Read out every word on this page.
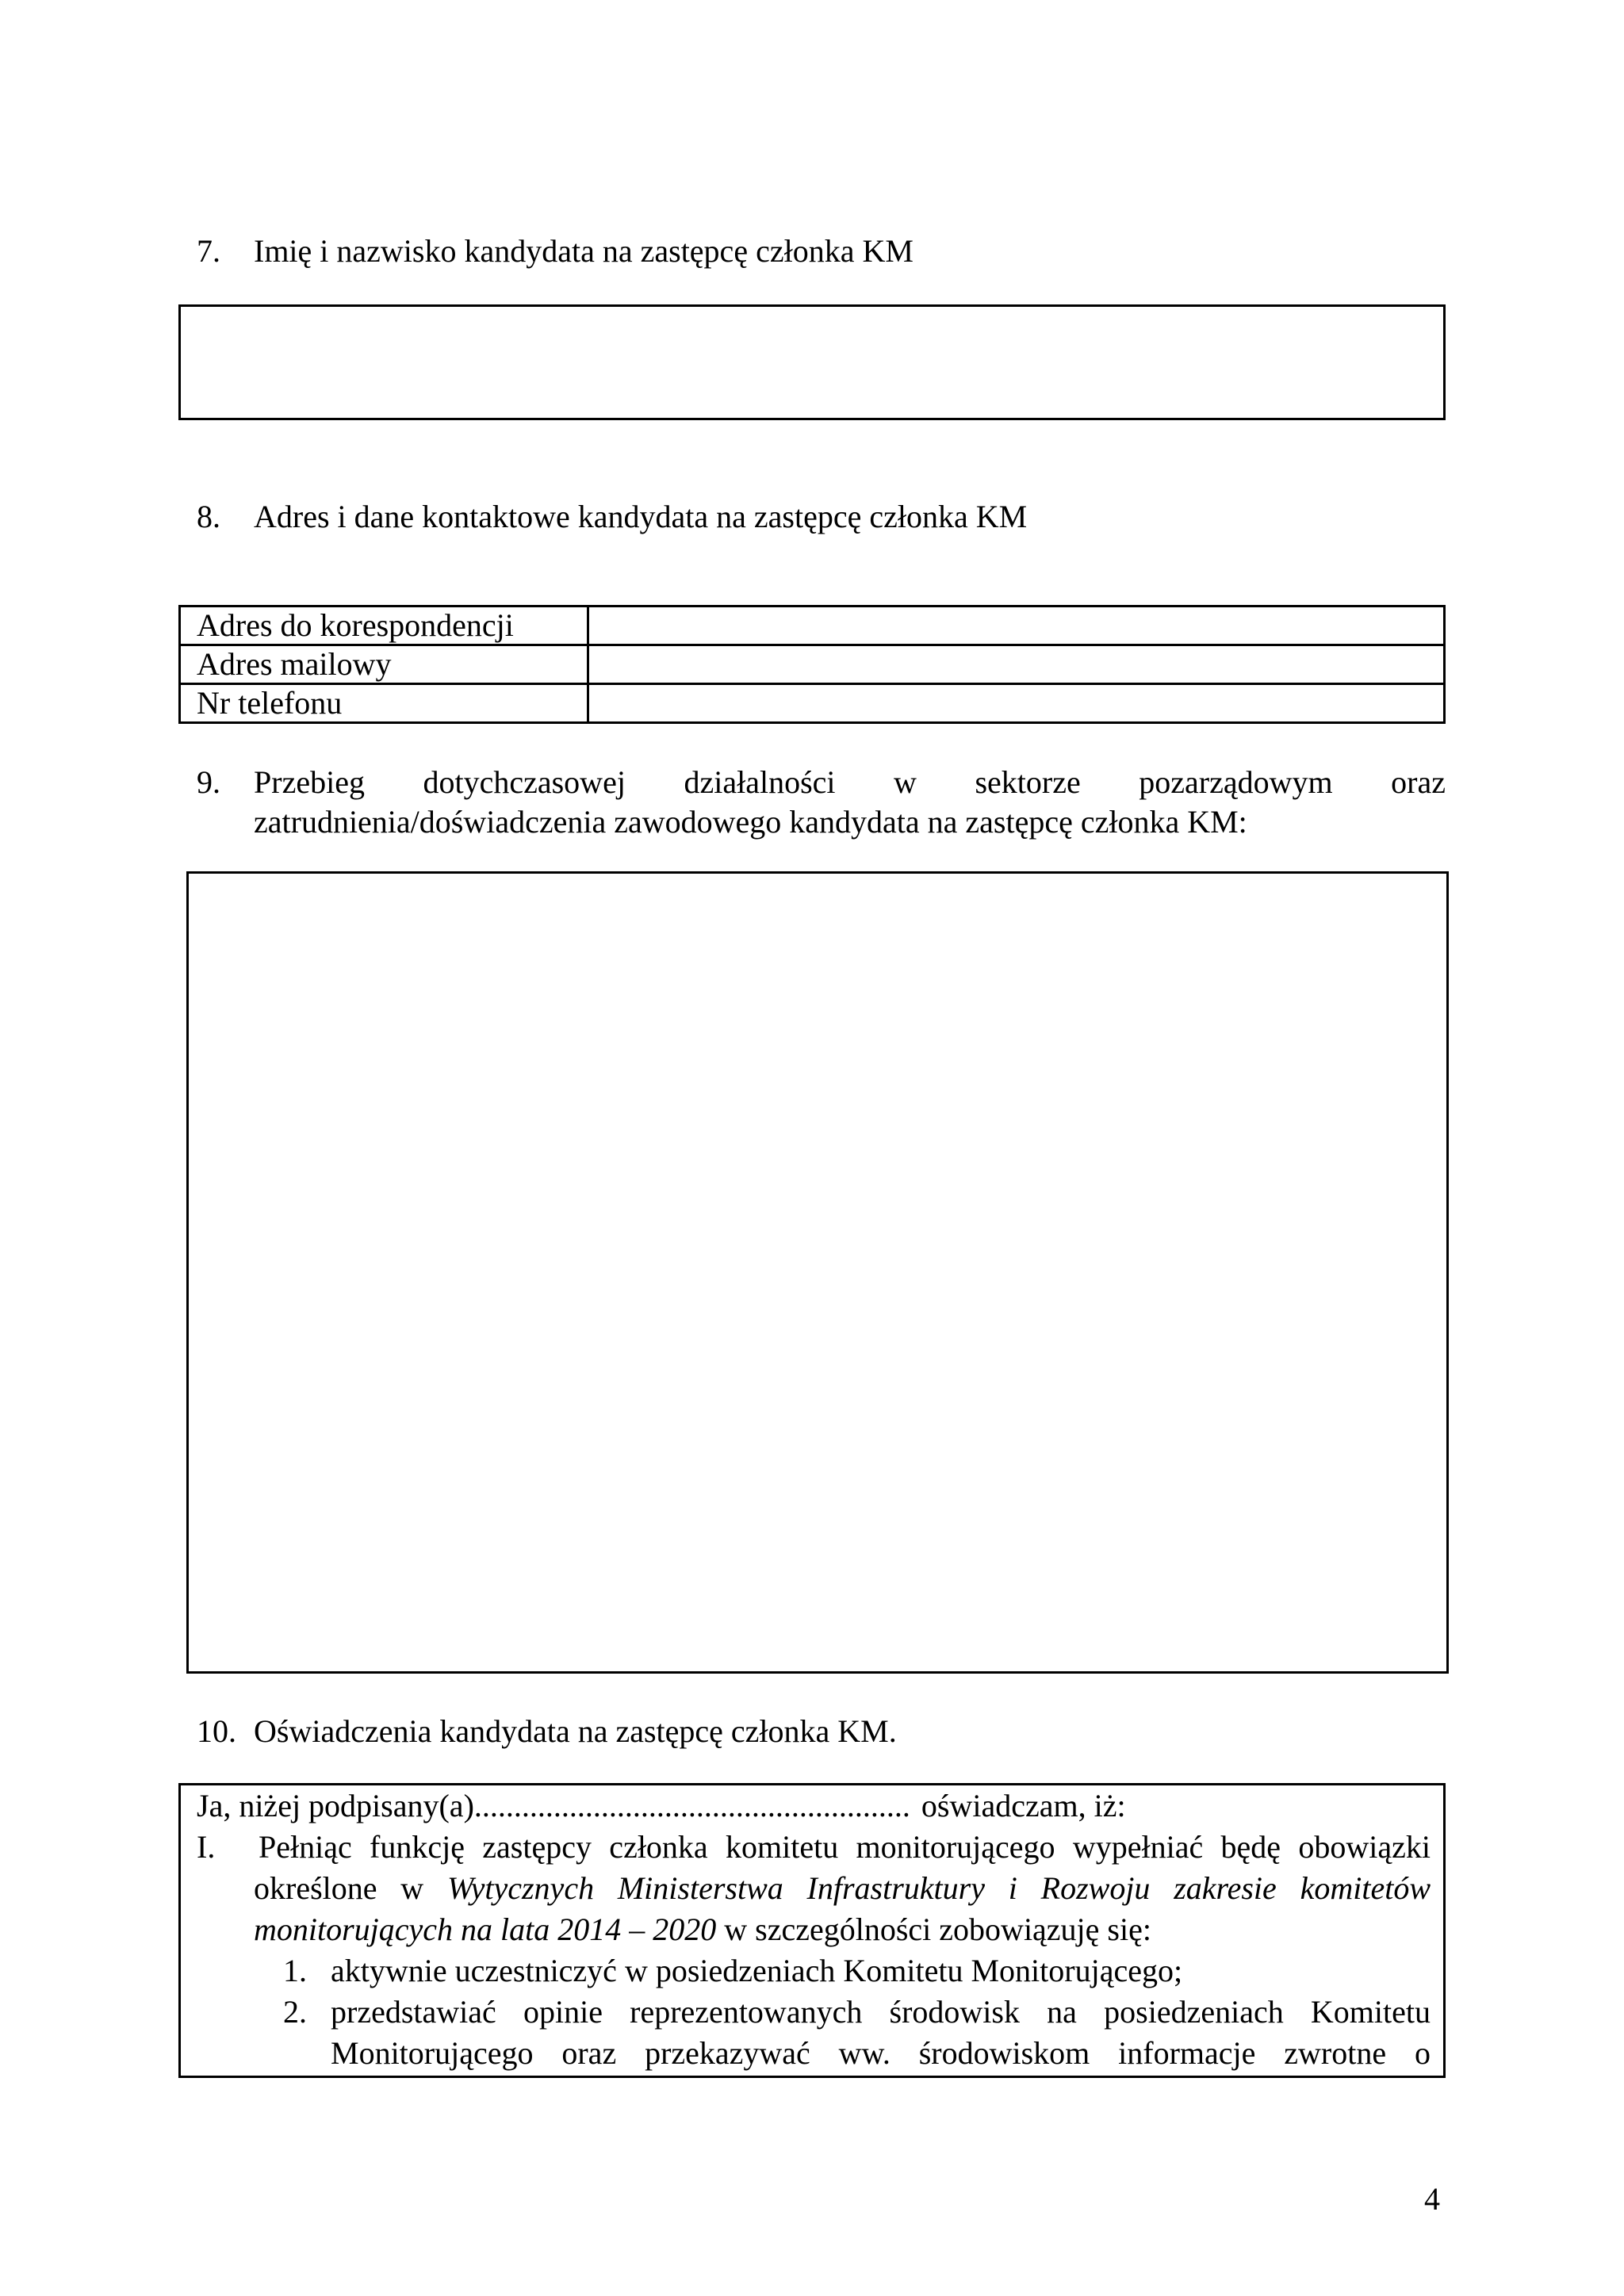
7. Imię i nazwisko kandydata na zastępcę członka KM
8. Adres i dane kontaktowe kandydata na zastępcę członka KM
Adres do korespondencji
Adres mailowy
Nr telefonu
9. Przebieg dotychczasowej działalności w sektorze pozarządowym oraz
zatrudnienia/doświadczenia zawodowego kandydata na zastępcę członka KM:
10. Oświadczenia kandydata na zastępcę członka KM.
Ja, niżej podpisany(a)....................................................... oświadczam, iż:
I.	Pełniąc funkcję zastępcy członka komitetu monitorującego wypełniać będę obowiązki
określone w Wytycznych Ministerstwa Infrastruktury i Rozwoju zakresie komitetów
monitorujących na lata 2014 – 2020 w szczególności zobowiązuję się:
1. aktywnie uczestniczyć w posiedzeniach Komitetu Monitorującego;
2. przedstawiać opinie reprezentowanych środowisk na posiedzeniach Komitetu
Monitorującego oraz przekazywać ww. środowiskom informacje zwrotne o
4
